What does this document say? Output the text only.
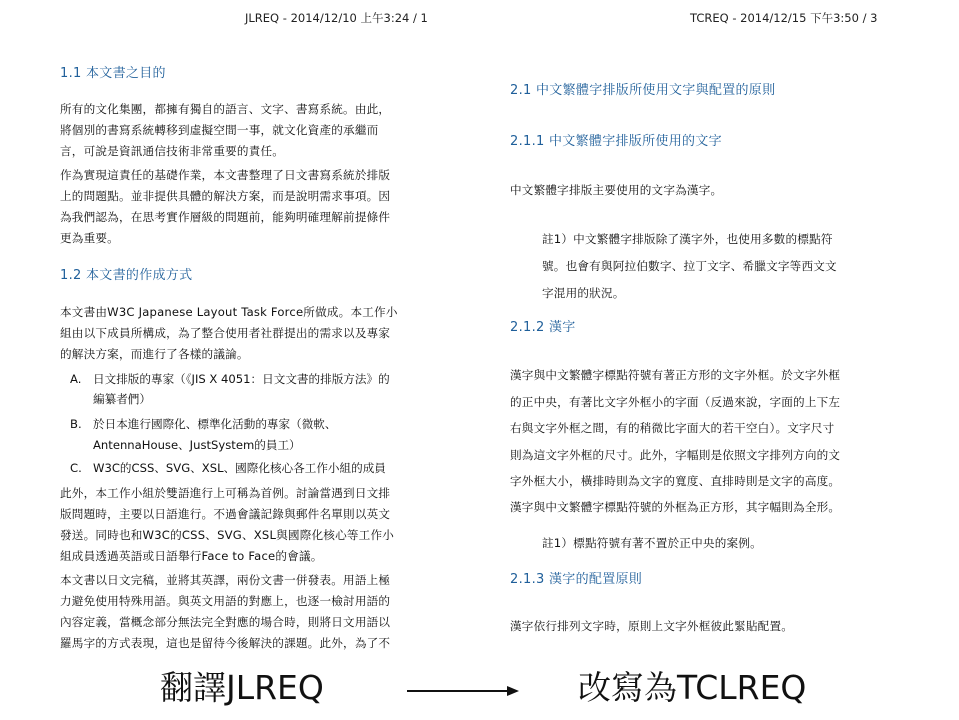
JLREQ - 2014/12/10 上午3:24 / 1	TCREQ - 2014/12/15 下午3:50 / 3
1.1 本文書之目的
所有的文化集團，都擁有獨自的語言、文字、書寫系統。由此，
將個別的書寫系統轉移到虛擬空間一事，就文化資產的承繼而
言，可說是資訊通信技術非常重要的責任。
作為實現這責任的基礎作業，本文書整理了日文書寫系統於排版
上的問題點。並非提供具體的解決方案，而是說明需求事項。因
為我們認為，在思考實作層級的問題前，能夠明確理解前提條件
更為重要。
1.2 本文書的作成方式
本文書由W3C Japanese Layout Task Force所做成。本工作小
組由以下成員所構成，為了整合使用者社群提出的需求以及專家
的解決方案，而進行了各樣的議論。
A. 日文排版的專家（《JIS X 4051：日文文書的排版方法》的
編纂者們）
B. 於日本進行國際化、標準化活動的專家（微軟、
AntennaHouse、JustSystem的員工）
C. W3C的CSS、SVG、XSL、國際化核心各工作小組的成員
此外，本工作小組於雙語進行上可稱為首例。討論當遇到日文排
版問題時，主要以日語進行。不過會議記錄與郵件名單則以英文
發送。同時也和W3C的CSS、SVG、XSL與國際化核心等工作小
組成員透過英語或日語舉行Face to Face的會議。
本文書以日文完稿，並將其英譯，兩份文書一併發表。用語上極
力避免使用特殊用語。與英文用語的對應上，也逐一檢討用語的
內容定義，當概念部分無法完全對應的場合時，則將日文用語以
羅馬字的方式表現，這也是留待今後解決的課題。此外，為了不
2.1 中文繁體字排版所使用文字與配置的原則
2.1.1 中文繁體字排版所使用的文字
中文繁體字排版主要使用的文字為漢字。
註1）中文繁體字排版除了漢字外，也使用多數的標點符
號。也會有與阿拉伯數字、拉丁文字、希臘文字等西文文
字混用的狀況。
2.1.2 漢字
漢字與中文繁體字標點符號有著正方形的文字外框。於文字外框
的正中央，有著比文字外框小的字面（反過來說，字面的上下左
右與文字外框之間，有的稍微比字面大的若干空白）。文字尺寸
則為這文字外框的尺寸。此外，字幅則是依照文字排列方向的文
字外框大小，橫排時則為文字的寬度、直排時則是文字的高度。
漢字與中文繁體字標點符號的外框為正方形，其字幅則為全形。
註1）標點符號有著不置於正中央的案例。
2.1.3 漢字的配置原則
漢字依行排列文字時，原則上文字外框彼此緊貼配置。
翻譯JLREQ	改寫為TCLREQ
